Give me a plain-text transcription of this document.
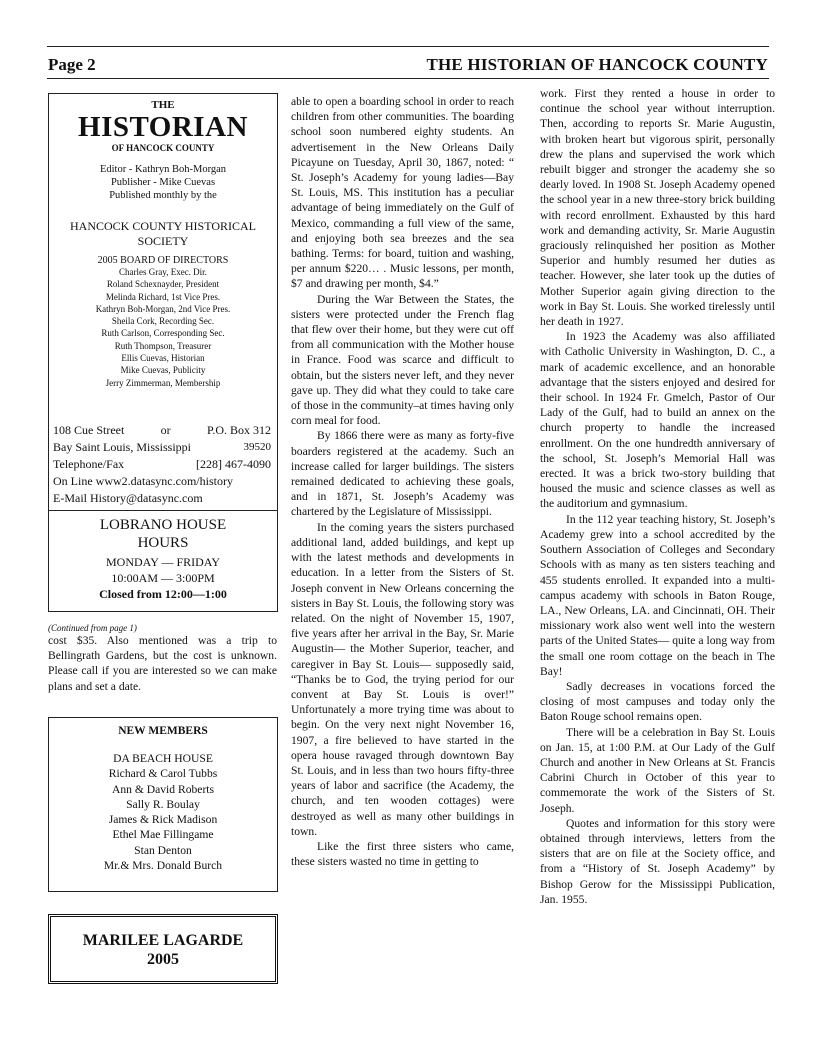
Page 2	THE HISTORIAN OF HANCOCK COUNTY
THE
HISTORIAN
OF HANCOCK COUNTY
Editor - Kathryn Boh-Morgan
Publisher - Mike Cuevas
Published monthly by the
HANCOCK COUNTY HISTORICAL
SOCIETY
2005 BOARD OF DIRECTORS
Charles Gray, Exec. Dir.
Roland Schexnayder, President
Melinda Richard, 1st Vice Pres.
Kathryn Boh-Morgan, 2nd Vice Pres.
Sheila Cork, Recording Sec.
Ruth Carlson, Corresponding Sec.
Ruth Thompson, Treasurer
Ellis Cuevas, Historian
Mike Cuevas, Publicity
Jerry Zimmerman, Membership
108 Cue Street	or	P.O. Box 312
Bay Saint Louis, Mississippi	39520
Telephone/Fax	[228] 467-4090
On Line www2.datasync.com/history
E-Mail History@datasync.com
LOBRANO HOUSE
HOURS
MONDAY — FRIDAY
10:00AM — 3:00PM
Closed from 12:00—1:00
(Continued from page 1)
cost $35. Also mentioned was a trip to Bellingrath Gardens, but the cost is unknown. Please call if you are interested so we can make plans and set a date.
NEW MEMBERS
DA BEACH HOUSE
Richard & Carol Tubbs
Ann & David Roberts
Sally R. Boulay
James & Rick Madison
Ethel Mae Fillingame
Stan Denton
Mr.& Mrs. Donald Burch
MARILEE LAGARDE
2005

able to open a boarding school in order to reach children from other communities. The boarding school soon numbered eighty students. An advertisement in the New Orleans Daily Picayune on Tuesday, April 30, 1867, noted: “ St. Joseph’s Academy for young ladies—Bay St. Louis, MS. This institution has a peculiar advantage of being immediately on the Gulf of Mexico, commanding a full view of the same, and enjoying both sea breezes and the sea bathing. Terms: for board, tuition and washing, per annum $220… . Music lessons, per month, $7 and drawing per month, $4.”

During the War Between the States, the sisters were protected under the French flag that flew over their home, but they were cut off from all communication with the Mother house in France. Food was scarce and difficult to obtain, but the sisters never left, and they never gave up. They did what they could to take care of those in the community–at times having only corn meal for food.

By 1866 there were as many as forty-five boarders registered at the academy. Such an increase called for larger buildings. The sisters remained dedicated to achieving these goals, and in 1871, St. Joseph’s Academy was chartered by the Legislature of Mississippi.

In the coming years the sisters purchased additional land, added buildings, and kept up with the latest methods and developments in education. In a letter from the Sisters of St. Joseph convent in New Orleans concerning the sisters in Bay St. Louis, the following story was related. On the night of November 15, 1907, five years after her arrival in the Bay, Sr. Marie Augustin— the Mother Superior, teacher, and caregiver in Bay St. Louis— supposedly said, “Thanks be to God, the trying period for our convent at Bay St. Louis is over!” Unfortunately a more trying time was about to begin. On the very next night November 16, 1907, a fire believed to have started in the opera house ravaged through downtown Bay St. Louis, and in less than two hours fifty-three years of labor and sacrifice (the Academy, the church, and ten wooden cottages) were destroyed as well as many other buildings in town.

Like the first three sisters who came, these sisters wasted no time in getting to

work. First they rented a house in order to continue the school year without interruption. Then, according to reports Sr. Marie Augustin, with broken heart but vigorous spirit, personally drew the plans and supervised the work which rebuilt bigger and stronger the academy she so dearly loved. In 1908 St. Joseph Academy opened the school year in a new three-story brick building with record enrollment. Exhausted by this hard work and demanding activity, Sr. Marie Augustin graciously relinquished her position as Mother Superior and humbly resumed her duties as teacher. However, she later took up the duties of Mother Superior again giving direction to the work in Bay St. Louis. She worked tirelessly until her death in 1927.

In 1923 the Academy was also affiliated with Catholic University in Washington, D. C., a mark of academic excellence, and an honorable advantage that the sisters enjoyed and desired for their school. In 1924 Fr. Gmelch, Pastor of Our Lady of the Gulf, had to build an annex on the church property to handle the increased enrollment. On the one hundredth anniversary of the school, St. Joseph’s Memorial Hall was erected. It was a brick two-story building that housed the music and science classes as well as the auditorium and gymnasium.

In the 112 year teaching history, St. Joseph’s Academy grew into a school accredited by the Southern Association of Colleges and Secondary Schools with as many as ten sisters teaching and 455 students enrolled. It expanded into a multi-campus academy with schools in Baton Rouge, LA., New Orleans, LA. and Cincinnati, OH. Their missionary work also went well into the western parts of the United States— quite a long way from the small one room cottage on the beach in The Bay!

Sadly decreases in vocations forced the closing of most campuses and today only the Baton Rouge school remains open.

There will be a celebration in Bay St. Louis on Jan. 15, at 1:00 P.M. at Our Lady of the Gulf Church and another in New Orleans at St. Francis Cabrini Church in October of this year to commemorate the work of the Sisters of St. Joseph.

Quotes and information for this story were obtained through interviews, letters from the sisters that are on file at the Society office, and from a “History of St. Joseph Academy” by Bishop Gerow for the Mississippi Publication, Jan. 1955.
